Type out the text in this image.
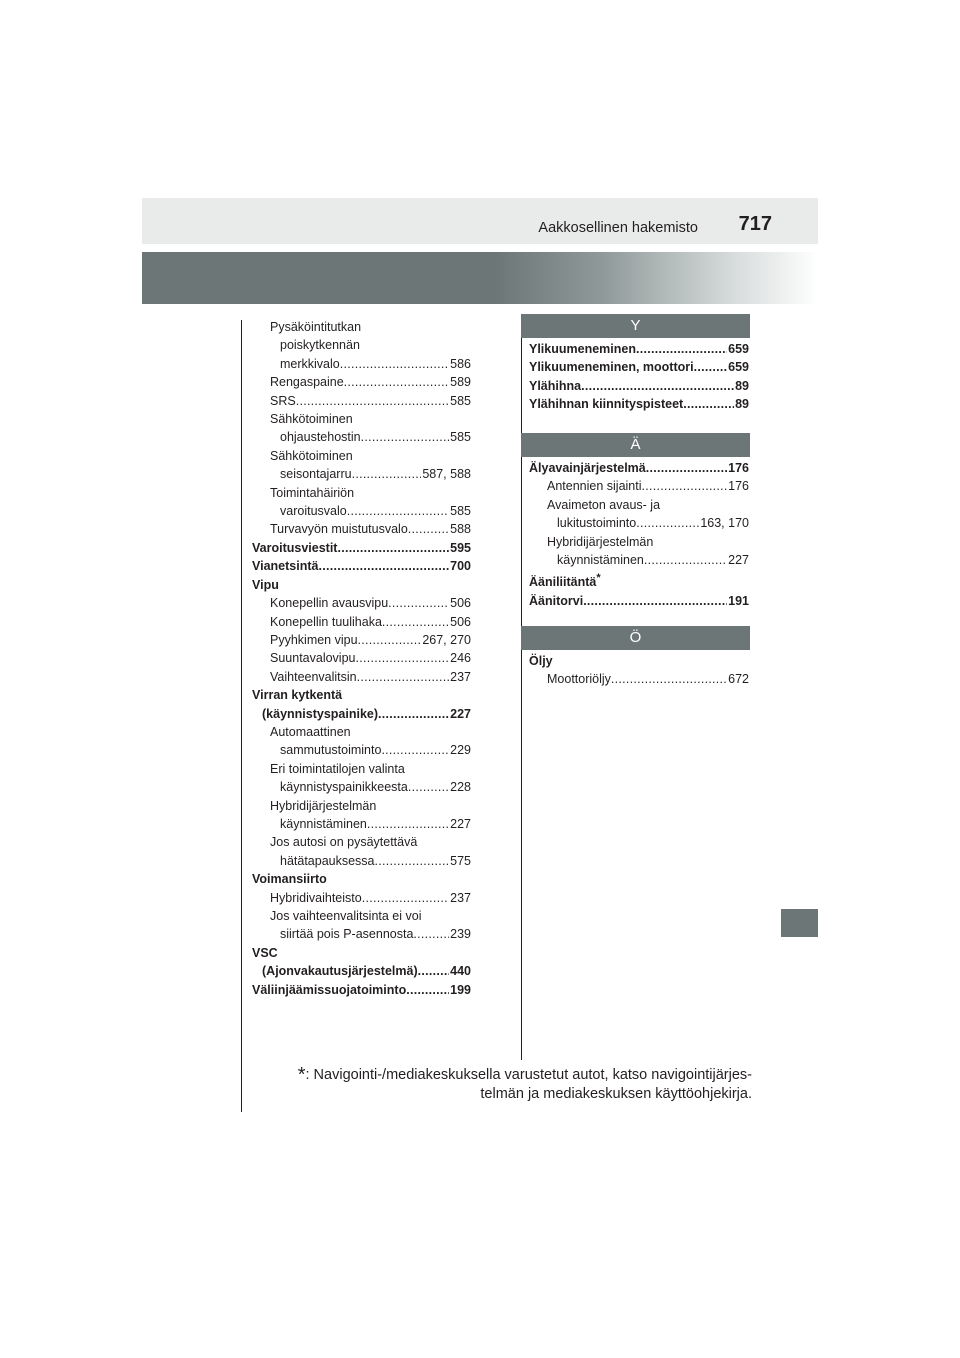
Aakkosellinen hakemisto 717
Pysäköintitutkan
poiskytkennän
merkkivalo . . .	586
Rengaspaine . . .	589
SRS . . .	585
Sähkötoiminen
ohjaustehostin . . .	585
Sähkötoiminen
seisontajarru . . .	587, 588
Toimintahäiriön
varoitusvalo . . .	585
Turvavyön muistutusvalo . . .	588
Varoitusviestit . . .	595
Vianetsintä . . .	700
Vipu
Konepellin avausvipu . . .	506
Konepellin tuulihaka . . .	506
Pyyhkimen vipu . . .	267, 270
Suuntavalovipu . . .	246
Vaihteenvalitsin . . .	237
Virran kytkentä
(käynnistyspainike) . . .	227
Automaattinen
sammutustoiminto . . .	229
Eri toimintatilojen valinta
käynnistyspainikkeesta . . .	228
Hybridijärjestelmän
käynnistäminen . . .	227
Jos autosi on pysäytettävä
hätätapauksessa . . .	575
Voimansiirto
Hybridivaihteisto . . .	237
Jos vaihteenvalitsinta ei voi
siirtää pois P-asennosta . . .	239
VSC
(Ajonvakautusjärjestelmä) . . .	440
Väliinjäämissuojatoiminto . . .	199
Y
Ylikuumeneminen . . .	659
Ylikuumeneminen, moottori . . .	659
Ylähihna . . .	89
Ylähihnan kiinnityspisteet . . .	89
Ä
Älyavainjärjestelmä . . .	176
Antennien sijainti . . .	176
Avaimeton avaus- ja
lukitustoiminto . . .	163, 170
Hybridijärjestelmän
käynnistäminen . . .	227
Ääniliitäntä*
Äänitorvi . . .	191
Ö
Öljy
Moottoriöljy . . .	672
*: Navigointi-/mediakeskuksella varustetut autot, katso navigointijärjes-
telmän ja mediakeskuksen käyttöohjekirja.
